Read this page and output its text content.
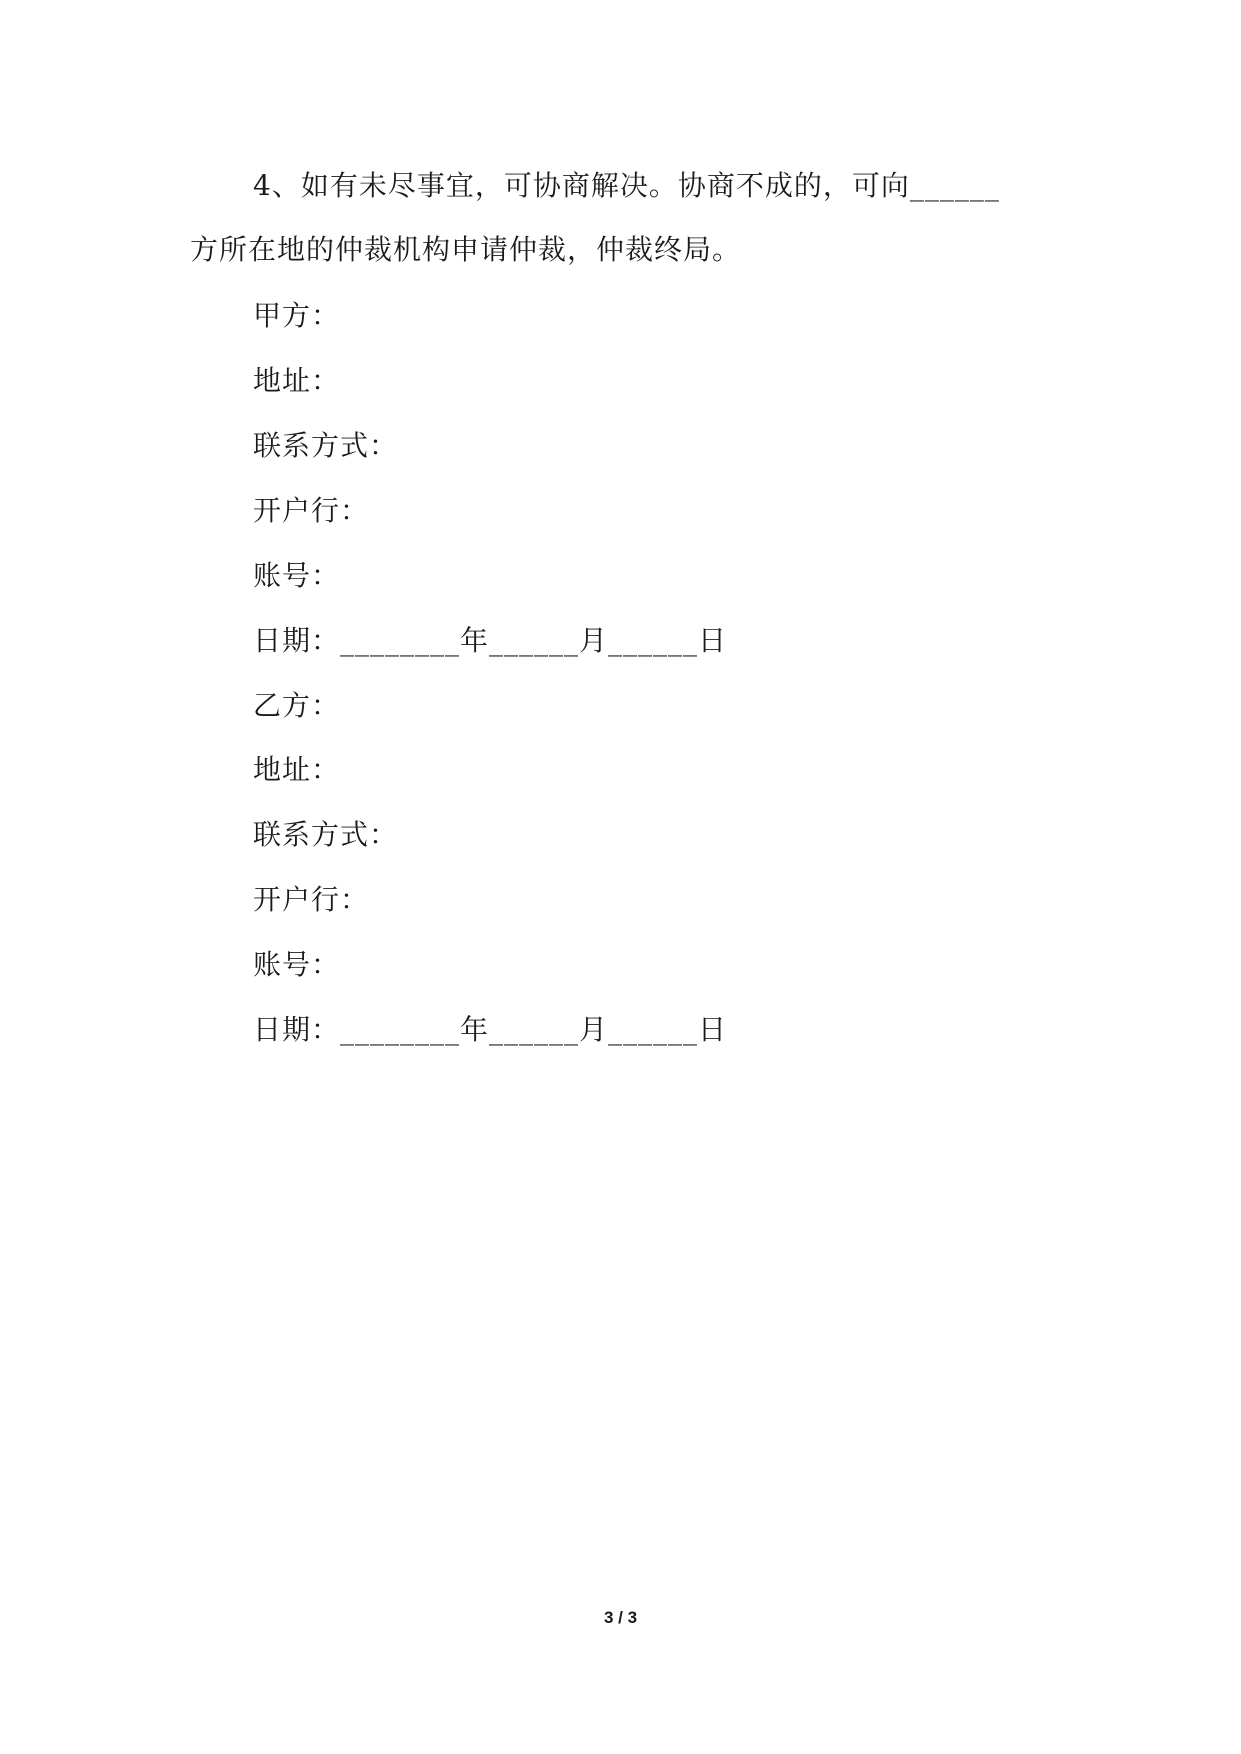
4、如有未尽事宜，可协商解决。协商不成的，可向______
方所在地的仲裁机构申请仲裁，仲裁终局。
甲方：
地址：
联系方式：
开户行：
账号：
日期：________年______月______日
乙方：
地址：
联系方式：
开户行：
账号：
日期：________年______月______日
3 / 3
